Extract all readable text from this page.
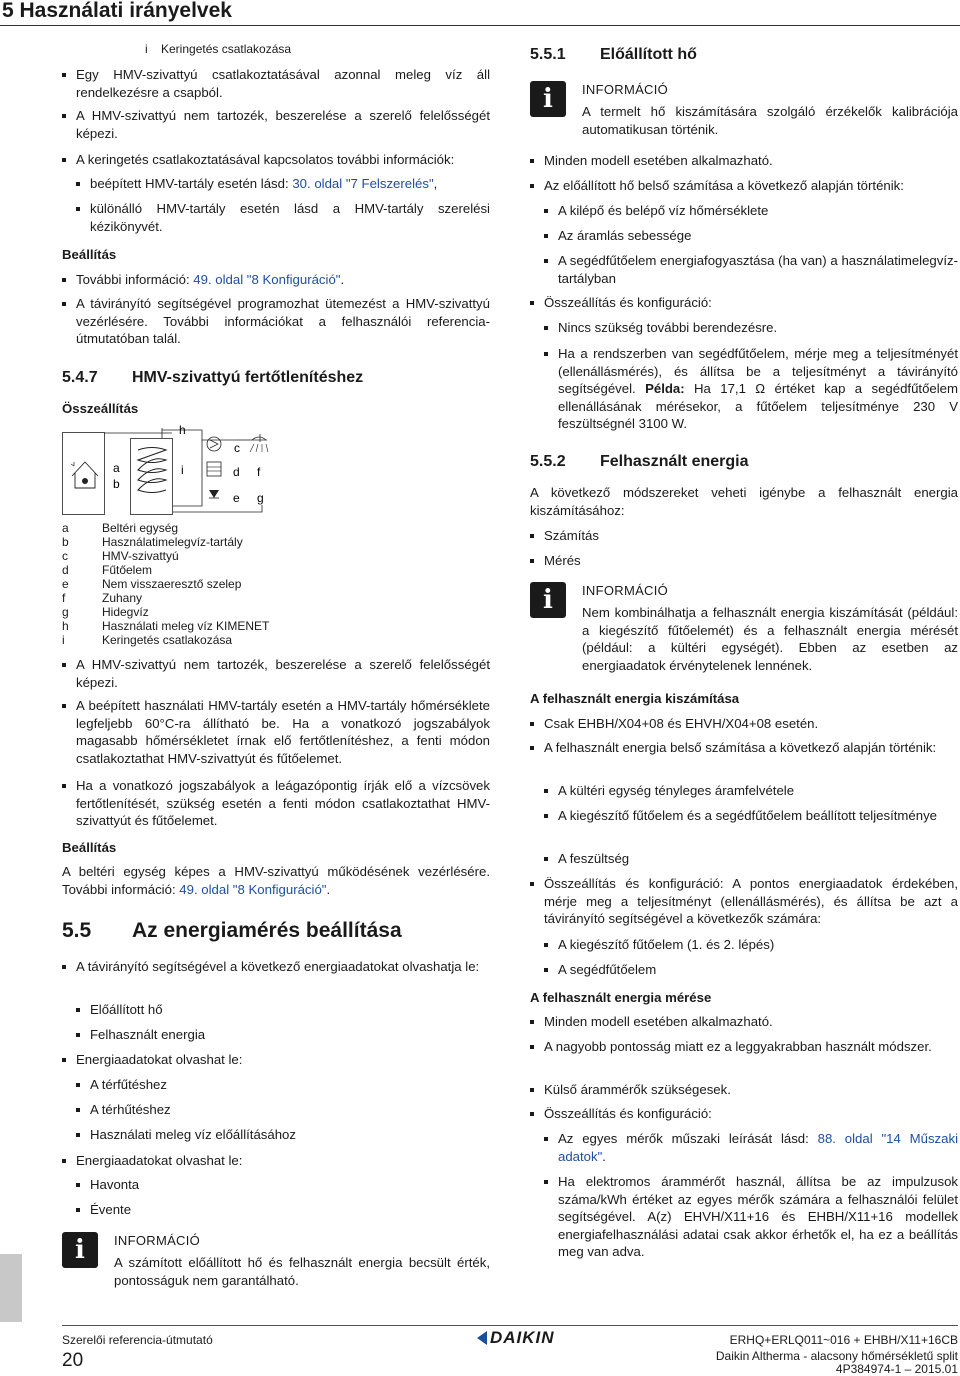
5 Használati irányelvek
i    Keringetés csatlakozása
Egy HMV-szivattyú csatlakoztatásával azonnal meleg víz áll rendelkezésre a csapból.
A HMV-szivattyú nem tartozék, beszerelése a szerelő felelősségét képezi.
A keringetés csatlakoztatásával kapcsolatos további információk:
beépített HMV-tartály esetén lásd: 30. oldal "7 Felszerelés",
különálló HMV-tartály esetén lásd a HMV-tartály szerelési kézikönyvét.
Beállítás
További információ: 49. oldal "8 Konfiguráció".
A távirányító segítségével programozhat ütemezést a HMV-szivattyú vezérlésére. További információkat a felhasználói referencia-útmutatóban talál.
5.4.7 HMV-szivattyú fertőtlenítéshez
Összeállítás
a
b
h
i
c
d
e
f
g
a	Beltéri egység
b	Használatimelegvíz-tartály
c	HMV-szivattyú
d	Fűtőelem
e	Nem visszaeresztő szelep
f	Zuhany
g	Hidegvíz
h	Használati meleg víz KIMENET
i	Keringetés csatlakozása
A HMV-szivattyú nem tartozék, beszerelése a szerelő felelősségét képezi.
A beépített használati HMV-tartály esetén a HMV-tartály hőmérséklete legfeljebb 60°C-ra állítható be. Ha a vonatkozó jogszabályok magasabb hőmérsékletet írnak elő fertőtlenítéshez, a fenti módon csatlakoztathat HMV-szivattyút és fűtőelemet.
Ha a vonatkozó jogszabályok a leágazópontig írják elő a vízcsövek fertőtlenítését, szükség esetén a fenti módon csatlakoztathat HMV-szivattyút és fűtőelemet.
Beállítás
A beltéri egység képes a HMV-szivattyú működésének vezérlésére. További információ: 49. oldal "8 Konfiguráció".
5.5 Az energiamérés beállítása
A távirányító segítségével a következő energiaadatokat olvashatja le:
Előállított hő
Felhasznált energia
Energiaadatokat olvashat le:
A térfűtéshez
A térhűtéshez
Használati meleg víz előállításához
Energiaadatokat olvashat le:
Havonta
Évente
i	INFORMÁCIÓ
A számított előállított hő és felhasznált energia becsült érték, pontosságuk nem garantálható.
5.5.1 Előállított hő
i	INFORMÁCIÓ
A termelt hő kiszámítására szolgáló érzékelők kalibrációja automatikusan történik.
Minden modell esetében alkalmazható.
Az előállított hő belső számítása a következő alapján történik:
A kilépő és belépő víz hőmérséklete
Az áramlás sebessége
A segédfűtőelem energiafogyasztása (ha van) a használatimelegvíz-tartályban
Összeállítás és konfiguráció:
Nincs szükség további berendezésre.
Ha a rendszerben van segédfűtőelem, mérje meg a teljesítményét (ellenállásmérés), és állítsa be a teljesítményt a távirányító segítségével. Példa: Ha 17,1 Ω értéket kap a segédfűtőelem ellenállásának mérésekor, a fűtőelem teljesítménye 230 V feszültségnél 3100 W.
5.5.2 Felhasznált energia
A következő módszereket veheti igénybe a felhasznált energia kiszámításához:
Számítás
Mérés
i	INFORMÁCIÓ
Nem kombinálhatja a felhasznált energia kiszámítását (például: a kiegészítő fűtőelemét) és a felhasznált energia mérését (például: a kültéri egységét). Ebben az esetben az energiaadatok érvénytelenek lennének.
A felhasznált energia kiszámítása
Csak EHBH/X04+08 és EHVH/X04+08 esetén.
A felhasznált energia belső számítása a következő alapján történik:
A kültéri egység tényleges áramfelvétele
A kiegészítő fűtőelem és a segédfűtőelem beállított teljesítménye
A feszültség
Összeállítás és konfiguráció: A pontos energiaadatok érdekében, mérje meg a teljesítményt (ellenállásmérés), és állítsa be azt a távirányító segítségével a következők számára:
A kiegészítő fűtőelem (1. és 2. lépés)
A segédfűtőelem
A felhasznált energia mérése
Minden modell esetében alkalmazható.
A nagyobb pontosság miatt ez a leggyakrabban használt módszer.
Külső árammérők szükségesek.
Összeállítás és konfiguráció:
Az egyes mérők műszaki leírását lásd: 88. oldal "14 Műszaki adatok".
Ha elektromos árammérőt használ, állítsa be az impulzusok száma/kWh értéket az egyes mérők számára a felhasználói felület segítségével. A(z) EHVH/X11+16 és EHBH/X11+16 modellek energiafelhasználási adatai csak akkor érhetők el, ha ez a beállítás meg van adva.
Szerelői referencia-útmutató
20
DAIKIN	ERHQ+ERLQ011~016 + EHBH/X11+16CB
Daikin Altherma - alacsony hőmérsékletű split
4P384974-1 – 2015.01
